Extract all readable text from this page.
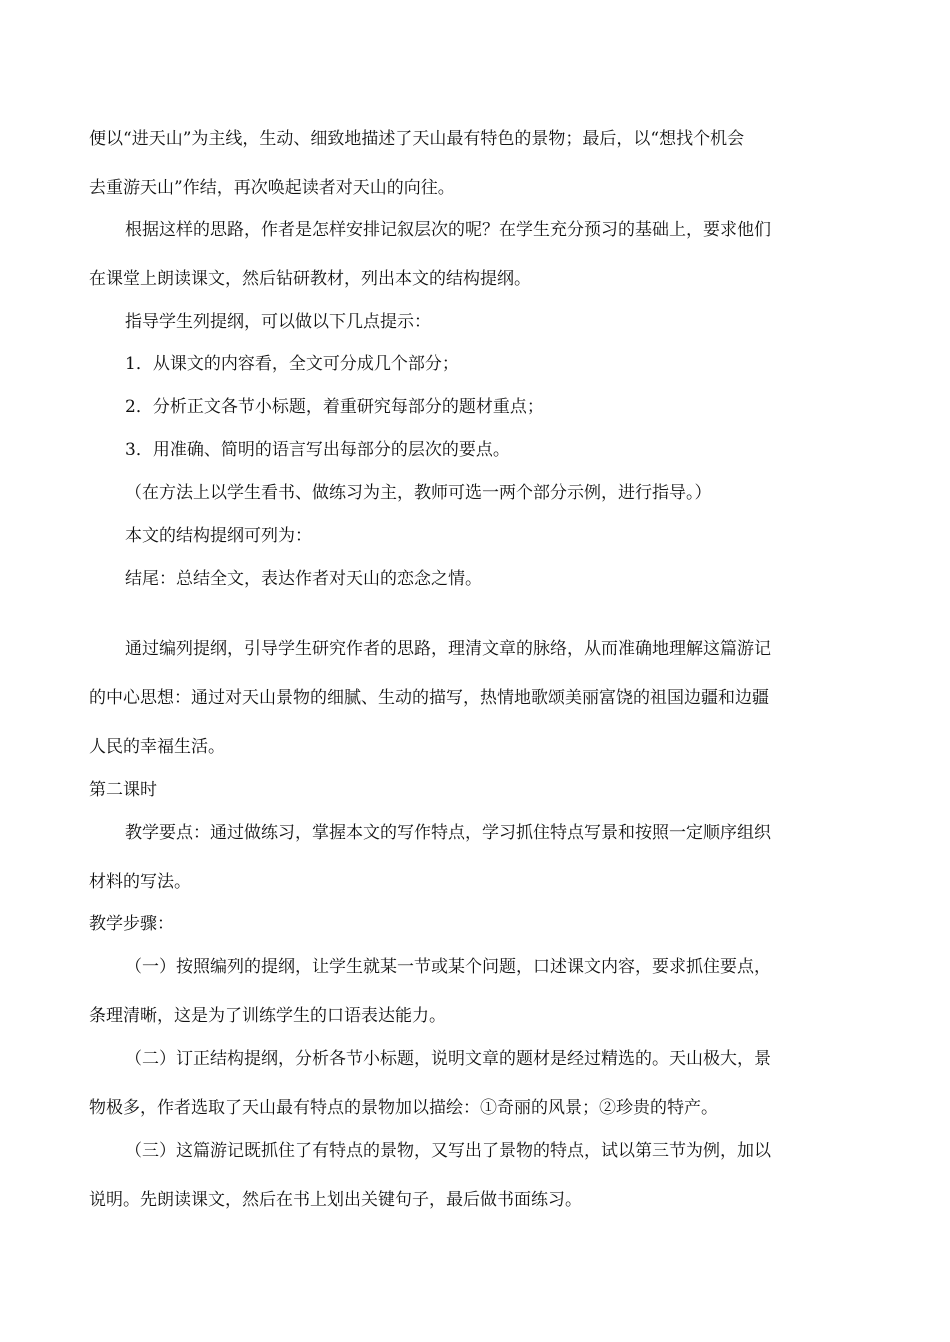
便以“进天山”为主线，生动、细致地描述了天山最有特色的景物；最后，以“想找个机会
去重游天山”作结，再次唤起读者对天山的向往。
根据这样的思路，作者是怎样安排记叙层次的呢？在学生充分预习的基础上，要求他们
在课堂上朗读课文，然后钻研教材，列出本文的结构提纲。
指导学生列提纲，可以做以下几点提示：
1．从课文的内容看，全文可分成几个部分；
2．分析正文各节小标题，着重研究每部分的题材重点；
3．用准确、简明的语言写出每部分的层次的要点。
（在方法上以学生看书、做练习为主，教师可选一两个部分示例，进行指导。）
本文的结构提纲可列为：
结尾：总结全文，表达作者对天山的恋念之情。
通过编列提纲，引导学生研究作者的思路，理清文章的脉络，从而准确地理解这篇游记
的中心思想：通过对天山景物的细腻、生动的描写，热情地歌颂美丽富饶的祖国边疆和边疆
人民的幸福生活。
第二课时
教学要点：通过做练习，掌握本文的写作特点，学习抓住特点写景和按照一定顺序组织
材料的写法。
教学步骤：
（一）按照编列的提纲，让学生就某一节或某个问题，口述课文内容，要求抓住要点，
条理清晰，这是为了训练学生的口语表达能力。
（二）订正结构提纲，分析各节小标题，说明文章的题材是经过精选的。天山极大，景
物极多，作者选取了天山最有特点的景物加以描绘：①奇丽的风景；②珍贵的特产。
（三）这篇游记既抓住了有特点的景物，又写出了景物的特点，试以第三节为例，加以
说明。先朗读课文，然后在书上划出关键句子，最后做书面练习。
